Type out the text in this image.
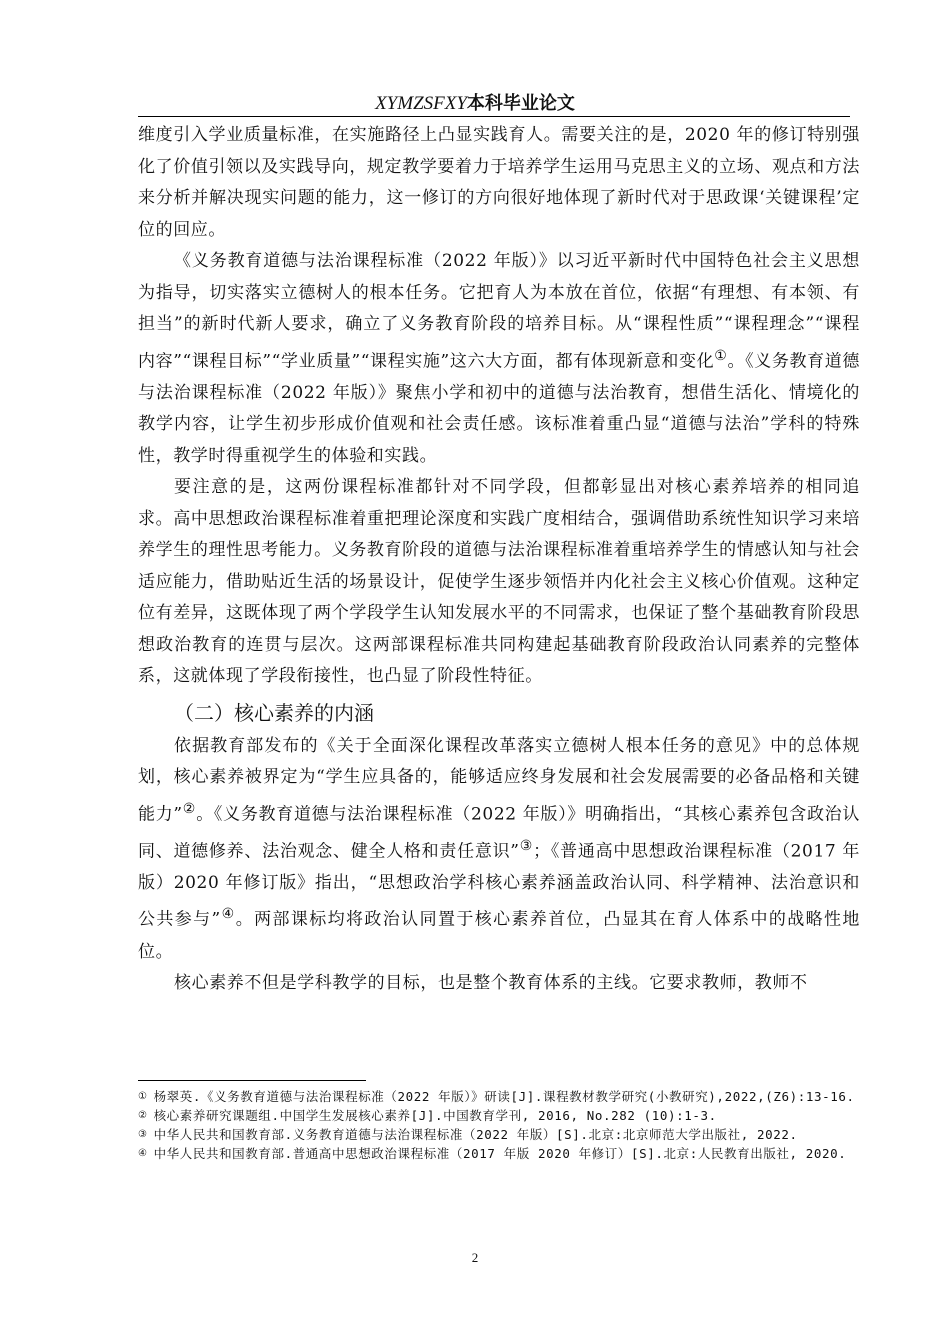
XYMZSFXY本科毕业论文

维度引入学业质量标准，在实施路径上凸显实践育人。需要关注的是，2020 年的修订特别强化了价值引领以及实践导向，规定教学要着力于培养学生运用马克思主义的立场、观点和方法来分析并解决现实问题的能力，这一修订的方向很好地体现了新时代对于思政课‘关键课程’定位的回应。

《义务教育道德与法治课程标准（2022 年版）》以习近平新时代中国特色社会主义思想为指导，切实落实立德树人的根本任务。它把育人为本放在首位，依据“有理想、有本领、有担当”的新时代新人要求，确立了义务教育阶段的培养目标。从“课程性质”“课程理念”“课程内容”“课程目标”“学业质量”“课程实施”这六大方面，都有体现新意和变化①。《义务教育道德与法治课程标准（2022 年版）》聚焦小学和初中的道德与法治教育，想借生活化、情境化的教学内容，让学生初步形成价值观和社会责任感。该标准着重凸显“道德与法治”学科的特殊性，教学时得重视学生的体验和实践。

要注意的是，这两份课程标准都针对不同学段，但都彰显出对核心素养培养的相同追求。高中思想政治课程标准着重把理论深度和实践广度相结合，强调借助系统性知识学习来培养学生的理性思考能力。义务教育阶段的道德与法治课程标准着重培养学生的情感认知与社会适应能力，借助贴近生活的场景设计，促使学生逐步领悟并内化社会主义核心价值观。这种定位有差异，这既体现了两个学段学生认知发展水平的不同需求，也保证了整个基础教育阶段思想政治教育的连贯与层次。这两部课程标准共同构建起基础教育阶段政治认同素养的完整体系，这就体现了学段衔接性，也凸显了阶段性特征。

（二）核心素养的内涵

依据教育部发布的《关于全面深化课程改革落实立德树人根本任务的意见》中的总体规划，核心素养被界定为“学生应具备的，能够适应终身发展和社会发展需要的必备品格和关键能力”②。《义务教育道德与法治课程标准（2022 年版）》明确指出，“其核心素养包含政治认同、道德修养、法治观念、健全人格和责任意识”③；《普通高中思想政治课程标准（2017 年版）2020 年修订版》指出，“思想政治学科核心素养涵盖政治认同、科学精神、法治意识和公共参与”④。两部课标均将政治认同置于核心素养首位，凸显其在育人体系中的战略性地位。

核心素养不但是学科教学的目标，也是整个教育体系的主线。它要求教师，教师不

① 杨翠英.《义务教育道德与法治课程标准（2022 年版）》研读[J].课程教材教学研究(小教研究),2022,(Z6):13-16.

② 核心素养研究课题组.中国学生发展核心素养[J].中国教育学刊, 2016, No.282 (10):1-3.

③ 中华人民共和国教育部.义务教育道德与法治课程标准（2022 年版）[S].北京:北京师范大学出版社, 2022.

④ 中华人民共和国教育部.普通高中思想政治课程标准（2017 年版 2020 年修订）[S].北京:人民教育出版社, 2020.

2
